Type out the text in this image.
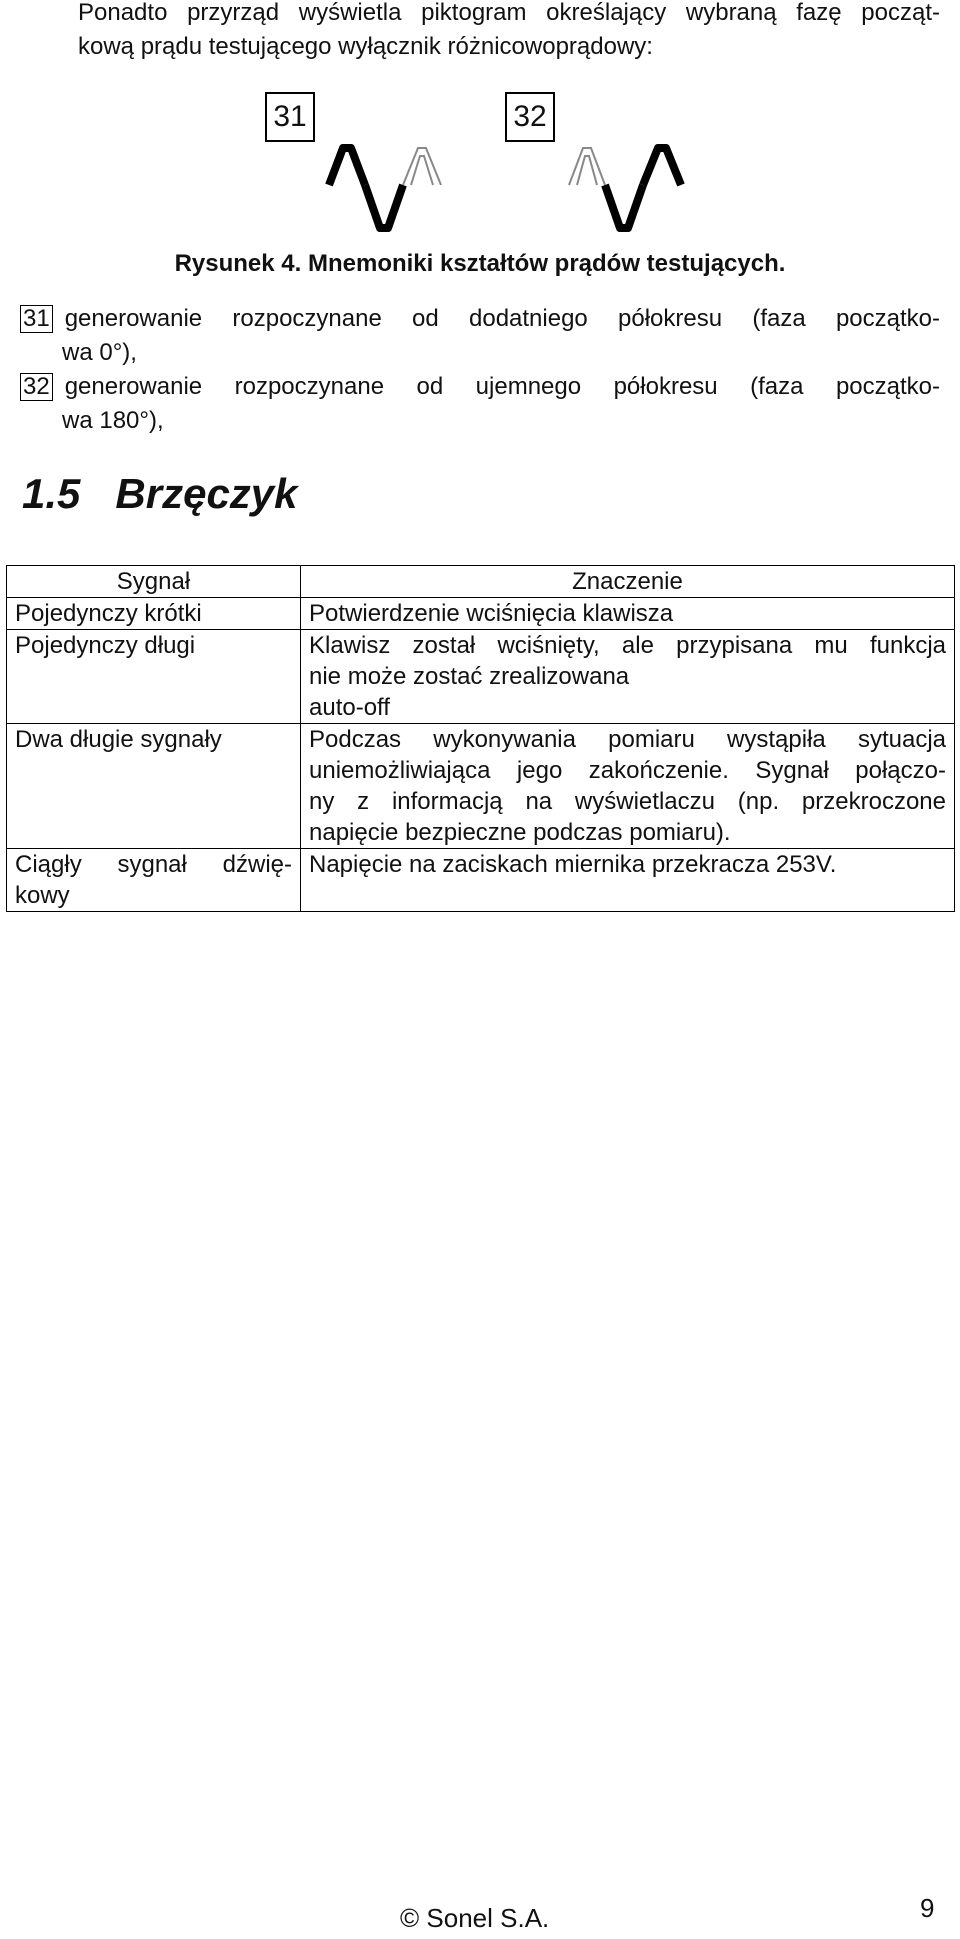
Ponadto przyrząd wyświetla piktogram określający wybraną fazę począt-
kową prądu testującego wyłącznik różnicowoprądowy:

31	32

Rysunek 4. Mnemoniki kształtów prądów testujących.

31 generowanie rozpoczynane od dodatniego półokresu (faza początko-
wa 0°),

32 generowanie rozpoczynane od ujemnego półokresu (faza początko-
wa 180°),

1.5 Brzęczyk
Sygnał	Znaczenie
Pojedynczy krótki	Potwierdzenie wciśnięcia klawisza

Pojedynczy długi	Klawisz został wciśnięty, ale przypisana mu funkcja
nie może zostać zrealizowana
auto-off

Dwa długie sygnały	Podczas wykonywania pomiaru wystąpiła sytuacja
uniemożliwiająca jego zakończenie. Sygnał połączo-
ny z informacją na wyświetlaczu (np. przekroczone
napięcie bezpieczne podczas pomiaru).

Ciągły sygnał dźwię-
kowy	Napięcie na zaciskach miernika przekracza 253V.

© Sonel S.A.	9
